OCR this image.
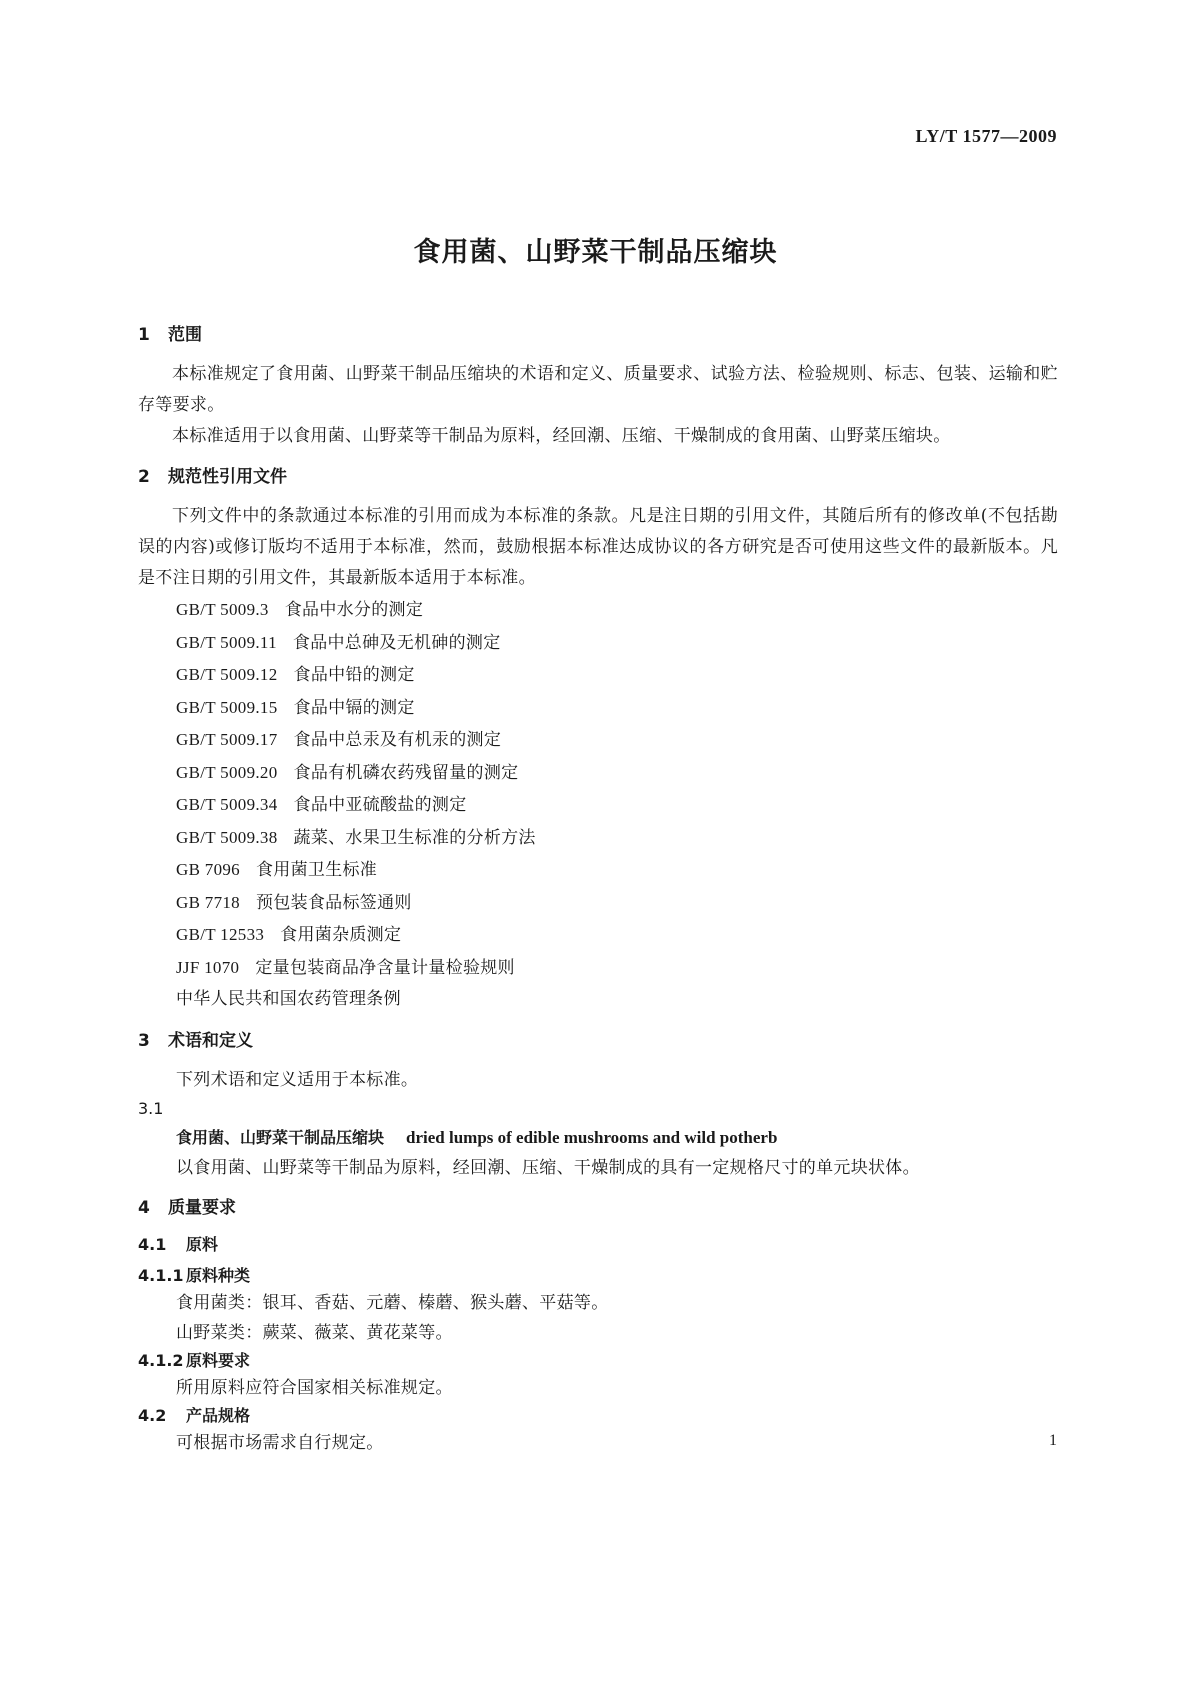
LY/T 1577—2009
食用菌、山野菜干制品压缩块

1 范围

本标准规定了食用菌、山野菜干制品压缩块的术语和定义、质量要求、试验方法、检验规则、标志、包装、运输和贮存等要求。

本标准适用于以食用菌、山野菜等干制品为原料，经回潮、压缩、干燥制成的食用菌、山野菜压缩块。

2 规范性引用文件

下列文件中的条款通过本标准的引用而成为本标准的条款。凡是注日期的引用文件，其随后所有的修改单(不包括勘误的内容)或修订版均不适用于本标准，然而，鼓励根据本标准达成协议的各方研究是否可使用这些文件的最新版本。凡是不注日期的引用文件，其最新版本适用于本标准。

GB/T 5009.3 食品中水分的测定
GB/T 5009.11 食品中总砷及无机砷的测定
GB/T 5009.12 食品中铅的测定
GB/T 5009.15 食品中镉的测定
GB/T 5009.17 食品中总汞及有机汞的测定
GB/T 5009.20 食品有机磷农药残留量的测定
GB/T 5009.34 食品中亚硫酸盐的测定
GB/T 5009.38 蔬菜、水果卫生标准的分析方法
GB 7096 食用菌卫生标准
GB 7718 预包装食品标签通则
GB/T 12533 食用菌杂质测定
JJF 1070 定量包装商品净含量计量检验规则
中华人民共和国农药管理条例

3 术语和定义

下列术语和定义适用于本标准。

3.1

食用菌、山野菜干制品压缩块 dried lumps of edible mushrooms and wild potherb

以食用菌、山野菜等干制品为原料，经回潮、压缩、干燥制成的具有一定规格尺寸的单元块状体。

4 质量要求

4.1 原料

4.1.1 原料种类

食用菌类：银耳、香菇、元蘑、榛蘑、猴头蘑、平菇等。

山野菜类：蕨菜、薇菜、黄花菜等。

4.1.2 原料要求

所用原料应符合国家相关标准规定。

4.2 产品规格

可根据市场需求自行规定。	1
